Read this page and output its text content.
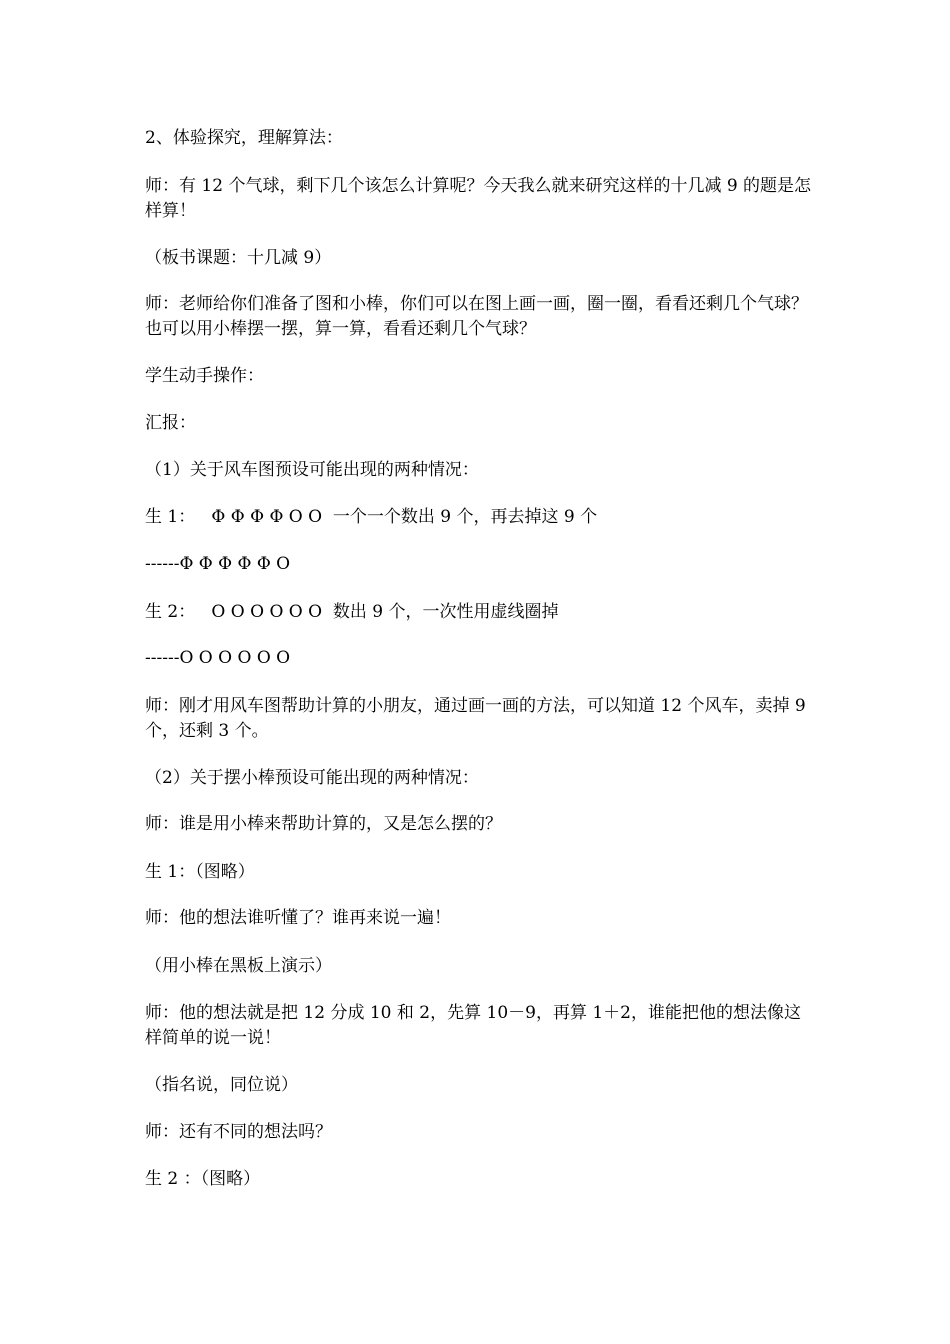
2、体验探究，理解算法：

师：有 12 个气球，剩下几个该怎么计算呢？今天我么就来研究这样的十几减 9 的题是怎样算！

（板书课题：十几减 9）

师：老师给你们准备了图和小棒，你们可以在图上画一画，圈一圈，看看还剩几个气球？也可以用小棒摆一摆，算一算，看看还剩几个气球？

学生动手操作：

汇报：

（1）关于风车图预设可能出现的两种情况：

生 1：   Φ Φ Φ Φ Ο Ο  一个一个数出 9 个，再去掉这 9 个

------Φ Φ Φ Φ Φ Ο

生 2：   Ο Ο Ο Ο Ο Ο  数出 9 个，一次性用虚线圈掉

------Ο Ο Ο Ο Ο Ο

师：刚才用风车图帮助计算的小朋友，通过画一画的方法，可以知道 12 个风车，卖掉 9 个，还剩 3 个。

（2）关于摆小棒预设可能出现的两种情况：

师：谁是用小棒来帮助计算的，又是怎么摆的？

生 1：（图略）

师：他的想法谁听懂了？谁再来说一遍！

（用小棒在黑板上演示）

师：他的想法就是把 12 分成 10 和 2，先算 10－9，再算 1＋2，谁能把他的想法像这样简单的说一说！

（指名说，同位说）

师：还有不同的想法吗？

生 2 ：（图略）
